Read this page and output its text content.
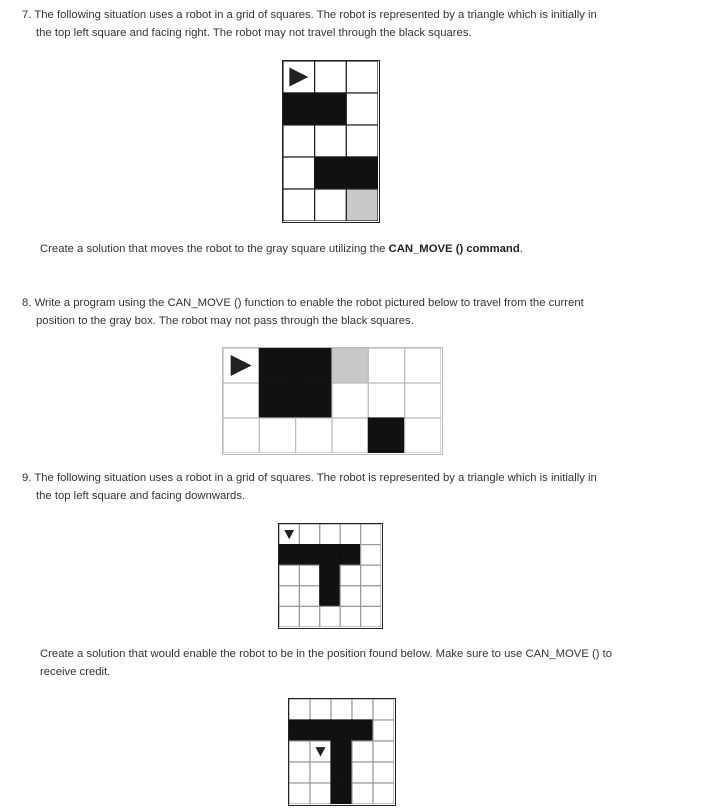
7. The following situation uses a robot in a grid of squares. The robot is represented by a triangle which is initially in
the top left square and facing right. The robot may not travel through the black squares.
Create a solution that moves the robot to the gray square utilizing the CAN_MOVE () command.
8. Write a program using the CAN_MOVE () function to enable the robot pictured below to travel from the current
position to the gray box. The robot may not pass through the black squares.
9. The following situation uses a robot in a grid of squares. The robot is represented by a triangle which is initially in
the top left square and facing downwards.
Create a solution that would enable the robot to be in the position found below. Make sure to use CAN_MOVE () to
receive credit.
